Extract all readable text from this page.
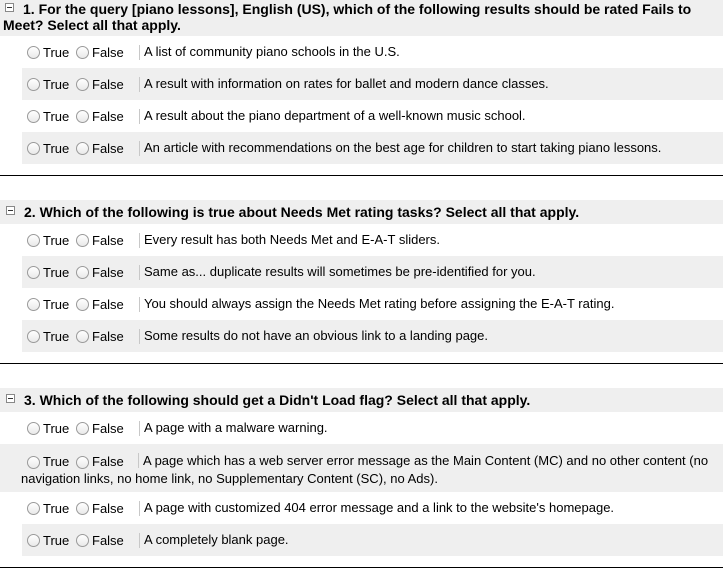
1. For the query [piano lessons], English (US), which of the following results should be rated Fails to Meet? Select all that apply.
True False A list of community piano schools in the U.S.
True False A result with information on rates for ballet and modern dance classes.
True False A result about the piano department of a well-known music school.
True False An article with recommendations on the best age for children to start taking piano lessons.
2. Which of the following is true about Needs Met rating tasks? Select all that apply.
True False Every result has both Needs Met and E-A-T sliders.
True False Same as... duplicate results will sometimes be pre-identified for you.
True False You should always assign the Needs Met rating before assigning the E-A-T rating.
True False Some results do not have an obvious link to a landing page.
3. Which of the following should get a Didn't Load flag? Select all that apply.
True False A page with a malware warning.
True False A page which has a web server error message as the Main Content (MC) and no other content (no navigation links, no home link, no Supplementary Content (SC), no Ads).
True False A page with customized 404 error message and a link to the website's homepage.
True False A completely blank page.
